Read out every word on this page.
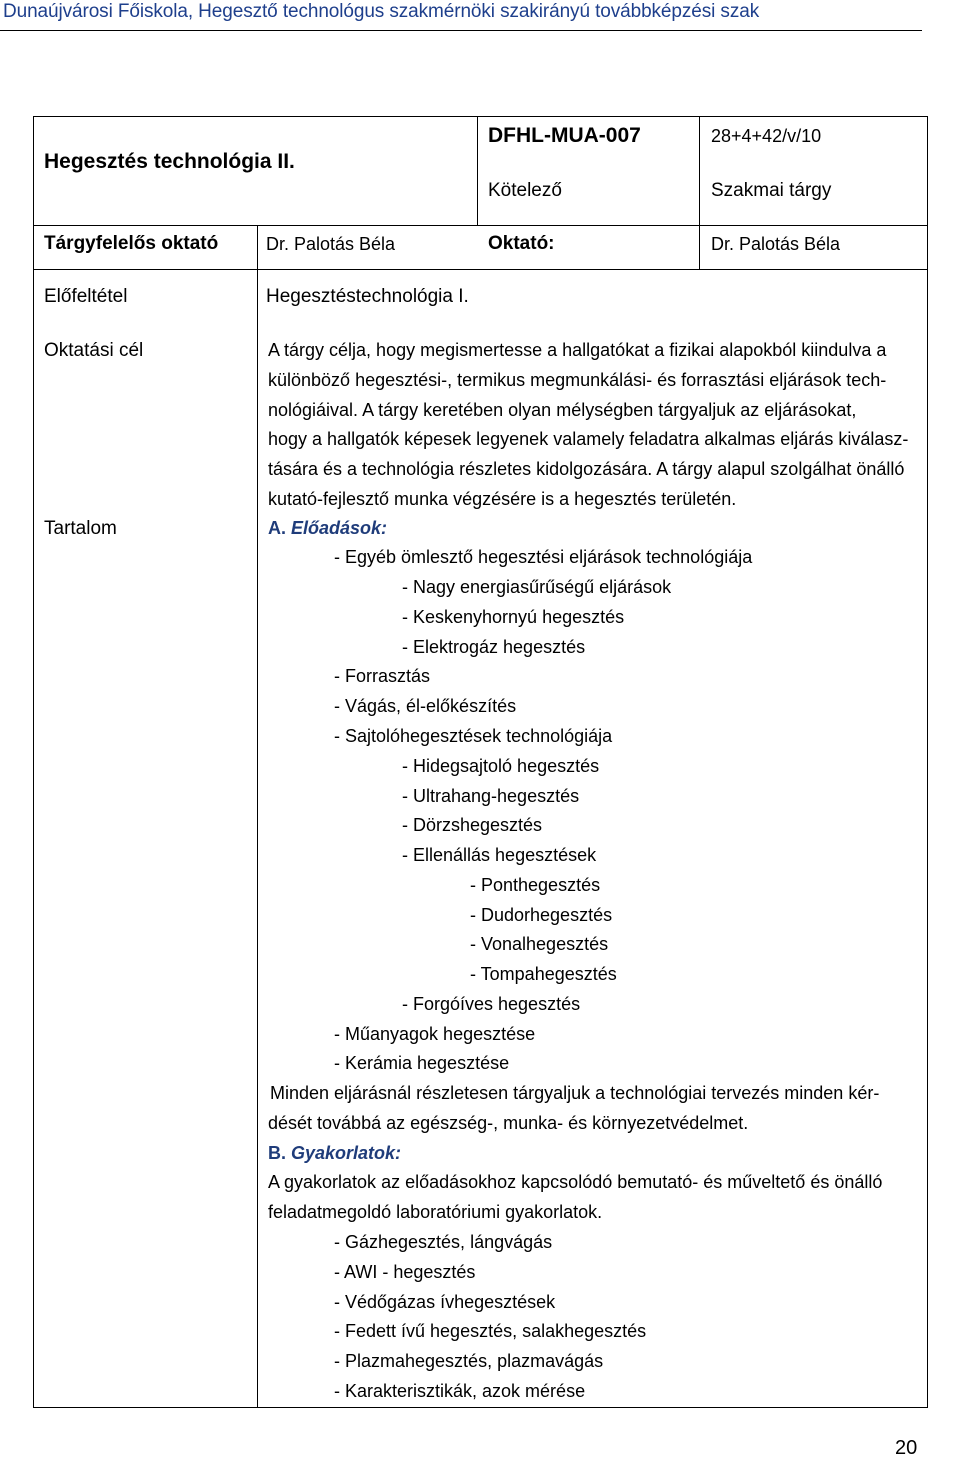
Dunaújvárosi Főiskola, Hegesztő technológus szakmérnöki szakirányú továbbképzési szak
Hegesztés technológia II.
DFHL-MUA-007	28+4+42/v/10
Kötelező	Szakmai tárgy
Tárgyfelelős oktató	Dr. Palotás Béla	Oktató:	Dr. Palotás Béla
Előfeltétel	Hegesztéstechnológia I.
Oktatási cél	A tárgy célja, hogy megismertesse a hallgatókat a fizikai alapokból kiindulva a
különböző hegesztési-, termikus megmunkálási- és forrasztási eljárások tech-
nológiáival. A tárgy keretében olyan mélységben tárgyaljuk az eljárásokat,
hogy a hallgatók képesek legyenek valamely feladatra alkalmas eljárás kiválasz-
tására és a technológia részletes kidolgozására. A tárgy alapul szolgálhat önálló
kutató-fejlesztő munka végzésére is a hegesztés területén.
Tartalom	A. Előadások:
- Egyéb ömlesztő hegesztési eljárások technológiája
- Nagy energiasűrűségű eljárások
- Keskenyhornyú hegesztés
- Elektrogáz hegesztés
- Forrasztás
- Vágás, él-előkészítés
- Sajtolóhegesztések technológiája
- Hidegsajtoló hegesztés
- Ultrahang-hegesztés
- Dörzshegesztés
- Ellenállás hegesztések
- Ponthegesztés
- Dudorhegesztés
- Vonalhegesztés
- Tompahegesztés
- Forgóíves hegesztés
- Műanyagok hegesztése
- Kerámia hegesztése
Minden eljárásnál részletesen tárgyaljuk a technológiai tervezés minden kér-
dését továbbá az egészség-, munka- és környezetvédelmet.
B. Gyakorlatok:
A gyakorlatok az előadásokhoz kapcsolódó bemutató- és műveltető és önálló
feladatmegoldó laboratóriumi gyakorlatok.
- Gázhegesztés, lángvágás
- AWI - hegesztés
- Védőgázas ívhegesztések
- Fedett ívű hegesztés, salakhegesztés
- Plazmahegesztés, plazmavágás
- Karakterisztikák, azok mérése
20
